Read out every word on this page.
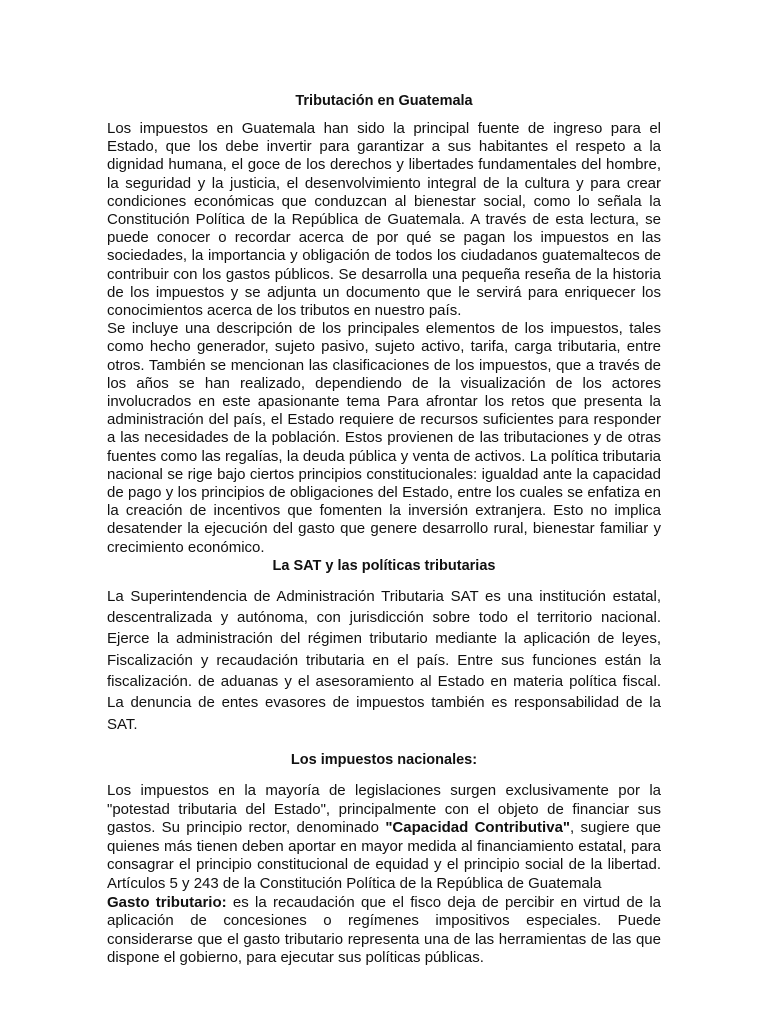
Tributación en Guatemala

Los impuestos en Guatemala han sido la principal fuente de ingreso para el Estado, que los debe invertir para garantizar a sus habitantes el respeto a la dignidad humana, el goce de los derechos y libertades fundamentales del hombre, la seguridad y la justicia, el desenvolvimiento integral de la cultura y para crear condiciones económicas que conduzcan al bienestar social, como lo señala la Constitución Política de la República de Guatemala. A través de esta lectura, se puede conocer o recordar acerca de por qué se pagan los impuestos en las sociedades, la importancia y obligación de todos los ciudadanos guatemaltecos de contribuir con los gastos públicos. Se desarrolla una pequeña reseña de la historia de los impuestos y se adjunta un documento que le servirá para enriquecer los conocimientos acerca de los tributos en nuestro país.

Se incluye una descripción de los principales elementos de los impuestos, tales como hecho generador, sujeto pasivo, sujeto activo, tarifa, carga tributaria, entre otros. También se mencionan las clasificaciones de los impuestos, que a través de los años se han realizado, dependiendo de la visualización de los actores involucrados en este apasionante tema Para afrontar los retos que presenta la administración del país, el Estado requiere de recursos suficientes para responder a las necesidades de la población. Estos provienen de las tributaciones y de otras fuentes como las regalías, la deuda pública y venta de activos. La política tributaria nacional se rige bajo ciertos principios constitucionales: igualdad ante la capacidad de pago y los principios de obligaciones del Estado, entre los cuales se enfatiza en la creación de incentivos que fomenten la inversión extranjera. Esto no implica desatender la ejecución del gasto que genere desarrollo rural, bienestar familiar y crecimiento económico.

La SAT y las políticas tributarias

La Superintendencia de Administración Tributaria SAT es una institución estatal, descentralizada y autónoma, con jurisdicción sobre todo el territorio nacional. Ejerce la administración del régimen tributario mediante la aplicación de leyes, Fiscalización y recaudación tributaria en el país. Entre sus funciones están la fiscalización. de aduanas y el asesoramiento al Estado en materia política fiscal. La denuncia de entes evasores de impuestos también es responsabilidad de la SAT.

Los impuestos nacionales:

Los impuestos en la mayoría de legislaciones surgen exclusivamente por la "potestad tributaria del Estado", principalmente con el objeto de financiar sus gastos. Su principio rector, denominado "Capacidad Contributiva", sugiere que quienes más tienen deben aportar en mayor medida al financiamiento estatal, para consagrar el principio constitucional de equidad y el principio social de la libertad. Artículos 5 y 243 de la Constitución Política de la República de Guatemala

Gasto tributario: es la recaudación que el fisco deja de percibir en virtud de la aplicación de concesiones o regímenes impositivos especiales. Puede considerarse que el gasto tributario representa una de las herramientas de las que dispone el gobierno, para ejecutar sus políticas públicas.
